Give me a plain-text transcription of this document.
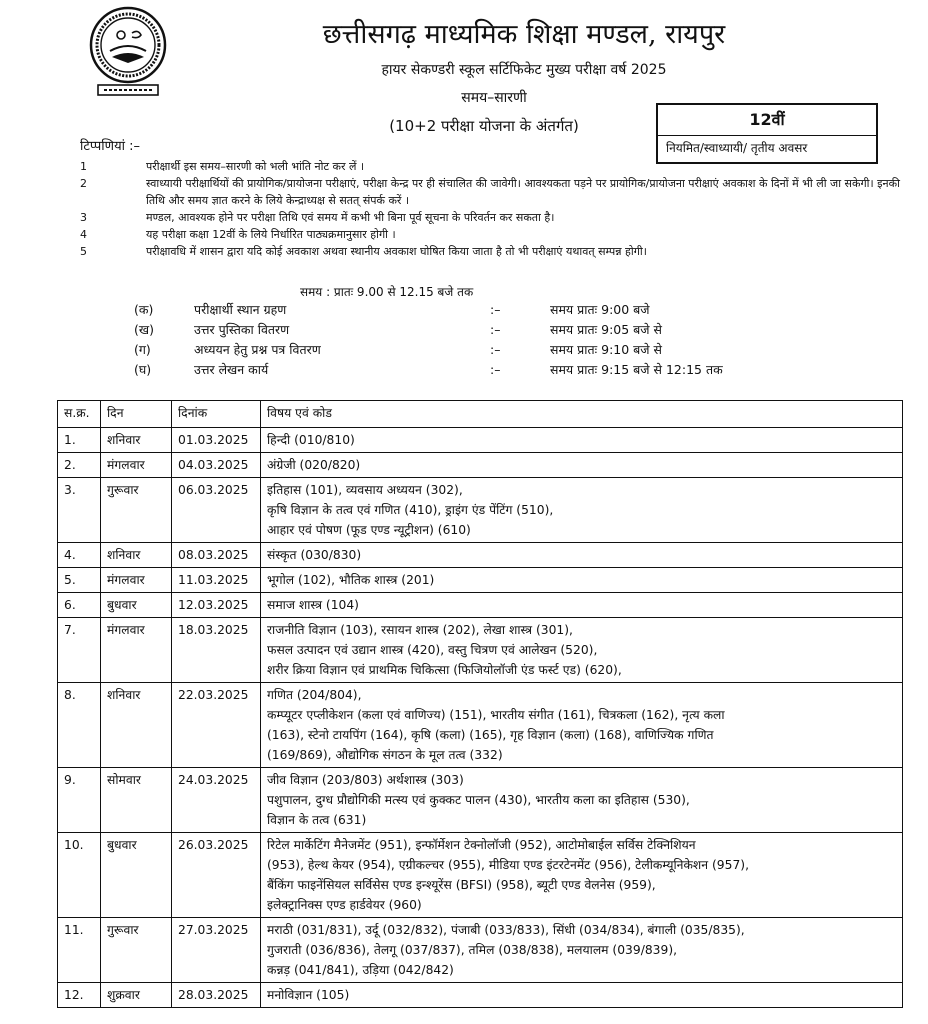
छत्तीसगढ़ माध्यमिक शिक्षा मण्डल, रायपुर
हायर सेकण्डरी स्कूल सर्टिफिकेट मुख्य परीक्षा वर्ष 2025
समय–सारणी
(10+2 परीक्षा योजना के अंतर्गत)	12वीं
नियमित/स्वाध्यायी/ तृतीय अवसर
टिप्पणियां :–
1	परीक्षार्थी इस समय–सारणी को भली भांति नोट कर लें ।
2	स्वाध्यायी परीक्षार्थियों की प्रायोगिक/प्रायोजना परीक्षाएं, परीक्षा केन्द्र पर ही संचालित की जावेगी। आवश्यकता पड़ने पर प्रायोगिक/प्रायोजना परीक्षाएं अवकाश के दिनों में भी ली जा सकेगी। इनकी तिथि और समय ज्ञात करने के लिये केन्द्राध्यक्ष से सतत् संपर्क करें ।
3	मण्डल, आवश्यक होने पर परीक्षा तिथि एवं समय में कभी भी बिना पूर्व सूचना के परिवर्तन कर सकता है।
4	यह परीक्षा कक्षा 12वीं के लिये निर्धारित पाठ्यक्रमानुसार होगी ।
5	परीक्षावधि में शासन द्वारा यदि कोई अवकाश अथवा स्थानीय अवकाश घोषित किया जाता है तो भी परीक्षाएं यथावत् सम्पन्न होगी।
समय : प्रातः 9.00 से 12.15 बजे तक
(क)	परीक्षार्थी स्थान ग्रहण	:–	समय प्रातः 9:00 बजे
(ख)	उत्तर पुस्तिका वितरण	:–	समय प्रातः 9:05 बजे से
(ग)	अध्ययन हेतु प्रश्न पत्र वितरण	:–	समय प्रातः 9:10 बजे से
(घ)	उत्तर लेखन कार्य	:–	समय प्रातः 9:15 बजे से 12:15 तक
स.क्र.	दिन	दिनांक	विषय एवं कोड
1.	शनिवार	01.03.2025	हिन्दी (010/810)

2.	मंगलवार	04.03.2025	अंग्रेजी (020/820)

3.	गुरूवार	06.03.2025	इतिहास (101), व्यवसाय अध्ययन (302),
कृषि विज्ञान के तत्व एवं गणित (410), ड्राइंग एंड पेंटिंग (510),
आहार एवं पोषण (फूड एण्ड न्यूट्रीशन) (610)

4.	शनिवार	08.03.2025	संस्कृत (030/830)

5.	मंगलवार	11.03.2025	भूगोल (102), भौतिक शास्त्र (201)

6.	बुधवार	12.03.2025	समाज शास्त्र (104)

7.	मंगलवार	18.03.2025	राजनीति विज्ञान (103), रसायन शास्त्र (202), लेखा शास्त्र (301),
फसल उत्पादन एवं उद्यान शास्त्र (420), वस्तु चित्रण एवं आलेखन (520),
शरीर क्रिया विज्ञान एवं प्राथमिक चिकित्सा (फिजियोलॉजी एंड फर्स्ट एड) (620),

8.	शनिवार	22.03.2025	गणित (204/804),
कम्प्यूटर एप्लीकेशन (कला एवं वाणिज्य) (151), भारतीय संगीत (161), चित्रकला (162), नृत्य कला
(163), स्टेनो टायपिंग (164), कृषि (कला) (165), गृह विज्ञान (कला) (168), वाणिज्यिक गणित
(169/869), औद्योगिक संगठन के मूल तत्व (332)

9.	सोमवार	24.03.2025	जीव विज्ञान (203/803) अर्थशास्त्र (303)
पशुपालन, दुग्ध प्रौद्योगिकी मत्स्य एवं कुक्कट पालन (430), भारतीय कला का इतिहास (530),
विज्ञान के तत्व (631)

10.	बुधवार	26.03.2025	रिटेल मार्केटिंग मैनेजमेंट (951), इन्फॉर्मेशन टेक्नोलॉजी (952), आटोमोबाईल सर्विस टेक्निशियन
(953), हेल्थ केयर (954), एग्रीकल्चर (955), मीडिया एण्ड इंटरटेनमेंट (956), टेलीकम्यूनिकेशन (957),
बैंकिंग फाइनेंसियल सर्विसेस एण्ड इन्श्यूरेंस (BFSI) (958), ब्यूटी एण्ड वेलनेस (959),
इलेक्ट्रानिक्स एण्ड हार्डवेयर (960)

11.	गुरूवार	27.03.2025	मराठी (031/831), उर्दू (032/832), पंजाबी (033/833), सिंधी (034/834), बंगाली (035/835),
गुजराती (036/836), तेलगू (037/837), तमिल (038/838), मलयालम (039/839),
कन्नड़ (041/841), उड़िया (042/842)

12.	शुक्रवार	28.03.2025	मनोविज्ञान (105)
